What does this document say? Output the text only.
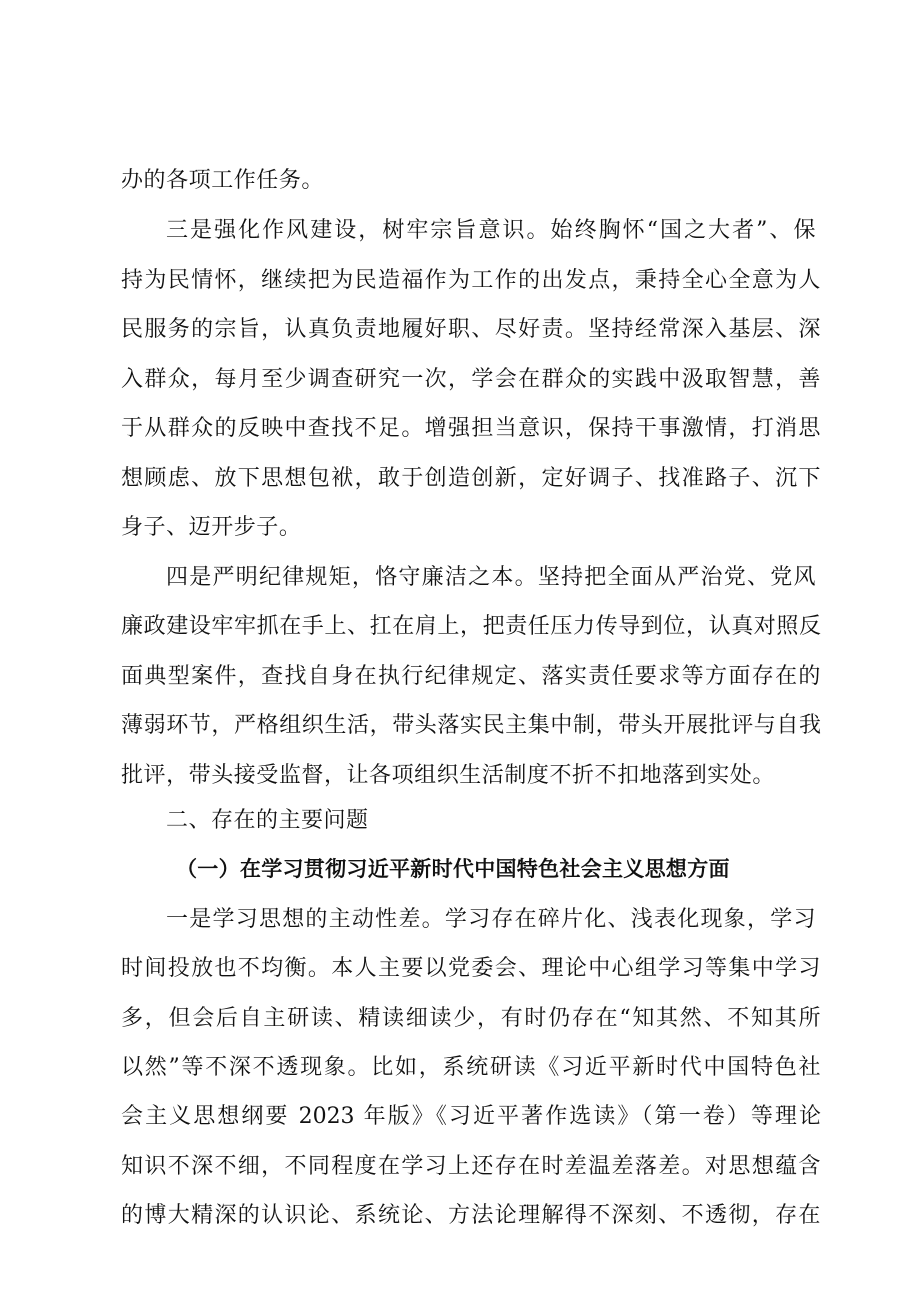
办的各项工作任务。

三是强化作风建设，树牢宗旨意识。始终胸怀“国之大者”、保

持为民情怀，继续把为民造福作为工作的出发点，秉持全心全意为人

民服务的宗旨，认真负责地履好职、尽好责。坚持经常深入基层、深

入群众，每月至少调查研究一次，学会在群众的实践中汲取智慧，善

于从群众的反映中查找不足。增强担当意识，保持干事激情，打消思

想顾虑、放下思想包袱，敢于创造创新，定好调子、找准路子、沉下

身子、迈开步子。

四是严明纪律规矩，恪守廉洁之本。坚持把全面从严治党、党风

廉政建设牢牢抓在手上、扛在肩上，把责任压力传导到位，认真对照反

面典型案件，查找自身在执行纪律规定、落实责任要求等方面存在的

薄弱环节，严格组织生活，带头落实民主集中制，带头开展批评与自我

批评，带头接受监督，让各项组织生活制度不折不扣地落到实处。

二、存在的主要问题
（一）在学习贯彻习近平新时代中国特色社会主义思想方面

一是学习思想的主动性差。学习存在碎片化、浅表化现象，学习

时间投放也不均衡。本人主要以党委会、理论中心组学习等集中学习

多，但会后自主研读、精读细读少，有时仍存在“知其然、不知其所

以然”等不深不透现象。比如，系统研读《习近平新时代中国特色社

会主义思想纲要 2023 年版》《习近平著作选读》（第一卷）等理论

知识不深不细，不同程度在学习上还存在时差温差落差。对思想蕴含

的博大精深的认识论、系统论、方法论理解得不深刻、不透彻，存在
